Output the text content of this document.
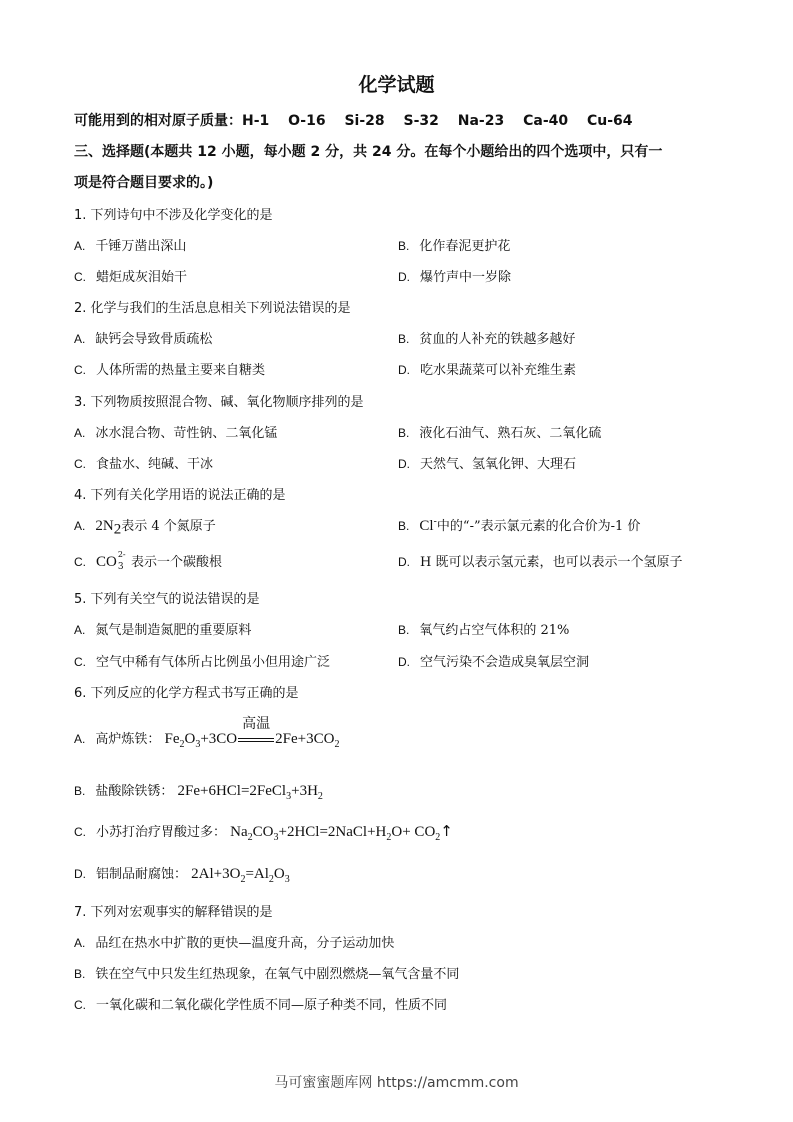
化学试题
可能用到的相对原子质量：H-1　 O-16　 Si-28　 S-32　 Na-23　 Ca-40　 Cu-64
三、选择题(本题共 12 小题，每小题 2 分，共 24 分。在每个小题给出的四个选项中，只有一
项是符合题目要求的。)
1. 下列诗句中不涉及化学变化的是
A. 千锤万凿出深山	B. 化作春泥更护花
C. 蜡炬成灰泪始干	D. 爆竹声中一岁除
2. 化学与我们的生活息息相关下列说法错误的是
A. 缺钙会导致骨质疏松	B. 贫血的人补充的铁越多越好
C. 人体所需的热量主要来自糖类	D. 吃水果蔬菜可以补充维生素
3. 下列物质按照混合物、碱、氧化物顺序排列的是
A. 冰水混合物、苛性钠、二氧化锰	B. 液化石油气、熟石灰、二氧化硫
C. 食盐水、纯碱、干冰	D. 天然气、氢氧化钾、大理石
4. 下列有关化学用语的说法正确的是
A. $2N_2$表示 4 个氮原子	B. Cl-中的“-”表示氯元素的化合价为-1 价
C. CO 2-
3 表示一个碳酸根	D. H 既可以表示氢元素，也可以表示一个氢原子
5. 下列有关空气的说法错误的是
A. 氮气是制造氮肥的重要原料	B. 氧气约占空气体积的 21%
C. 空气中稀有气体所占比例虽小但用途广泛	D. 空气污染不会造成臭氧层空洞
6. 下列反应的化学方程式书写正确的是
A. 高炉炼铁： $Fe_2O_3+3CO$
高温
$2Fe+3CO_2$
B. 盐酸除铁锈： $2Fe+6HCl=2FeCl_3+3H_2$
C. 小苏打治疗胃酸过多： $Na_2CO_3+2HCl=2NaCl+H_2O+$ $CO_2↑$
D. 铝制品耐腐蚀： $2Al+3O_2=Al_2O_3$
7. 下列对宏观事实的解释错误的是
A. 品红在热水中扩散的更快—温度升高，分子运动加快
B. 铁在空气中只发生红热现象，在氧气中剧烈燃烧—氧气含量不同
C. 一氧化碳和二氧化碳化学性质不同—原子种类不同，性质不同
马可蜜蜜题库网 https://amcmm.com
